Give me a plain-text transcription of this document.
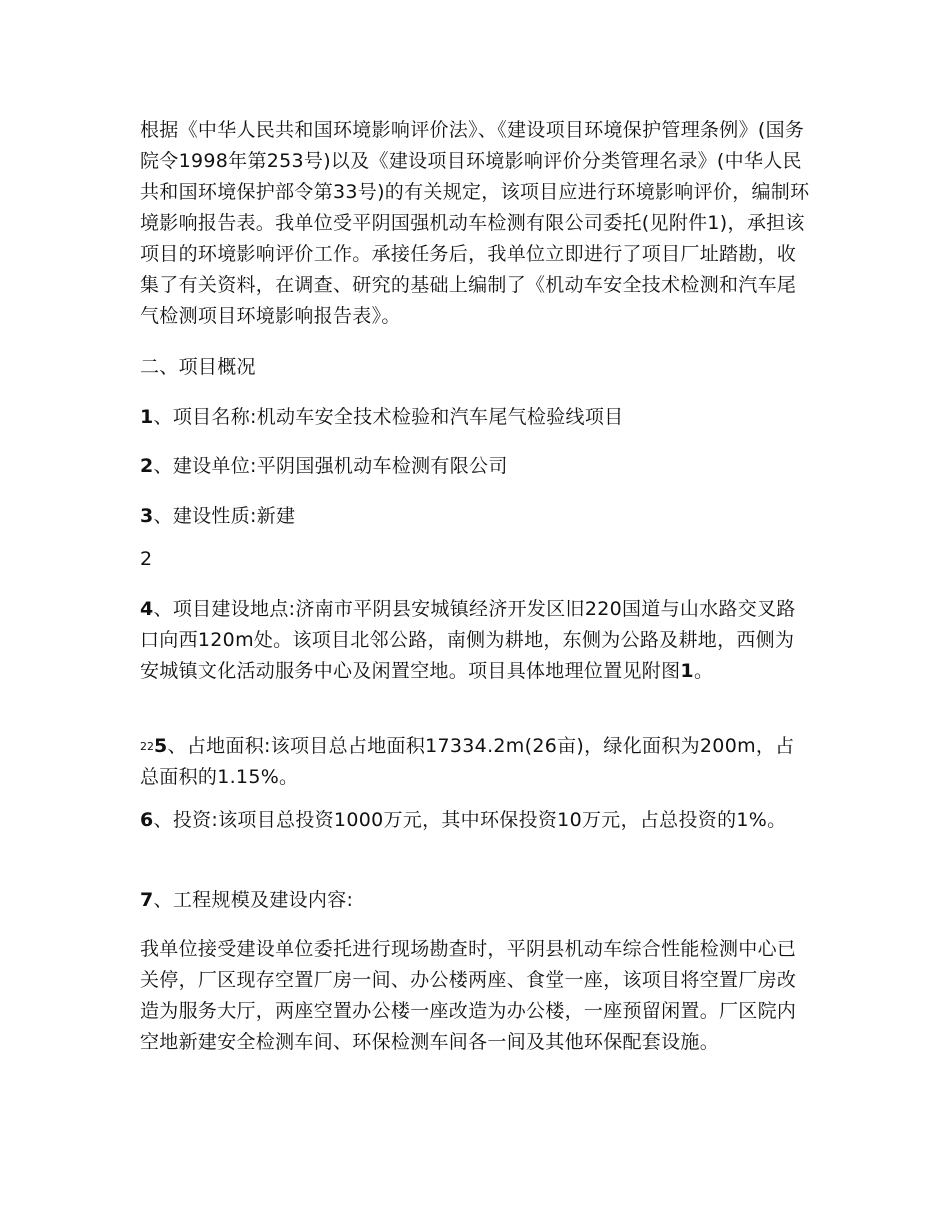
根据《中华人民共和国环境影响评价法》、《建设项目环境保护管理条例》(国务院令1998年第253号)以及《建设项目环境影响评价分类管理名录》(中华人民共和国环境保护部令第33号)的有关规定，该项目应进行环境影响评价，编制环境影响报告表。我单位受平阴国强机动车检测有限公司委托(见附件1)，承担该项目的环境影响评价工作。承接任务后，我单位立即进行了项目厂址踏勘，收集了有关资料，在调查、研究的基础上编制了《机动车安全技术检测和汽车尾气检测项目环境影响报告表》。

二、项目概况

1、项目名称:机动车安全技术检验和汽车尾气检验线项目

2、建设单位:平阴国强机动车检测有限公司

3、建设性质:新建

2

4、项目建设地点:济南市平阴县安城镇经济开发区旧220国道与山水路交叉路口向西120m处。该项目北邻公路，南侧为耕地，东侧为公路及耕地，西侧为安城镇文化活动服务中心及闲置空地。项目具体地理位置见附图1。

225、占地面积:该项目总占地面积17334.2m(26亩)，绿化面积为200m，占总面积的1.15%。

6、投资:该项目总投资1000万元，其中环保投资10万元，占总投资的1%。

7、工程规模及建设内容:

我单位接受建设单位委托进行现场勘查时，平阴县机动车综合性能检测中心已关停，厂区现存空置厂房一间、办公楼两座、食堂一座，该项目将空置厂房改造为服务大厅，两座空置办公楼一座改造为办公楼，一座预留闲置。厂区院内空地新建安全检测车间、环保检测车间各一间及其他环保配套设施。
